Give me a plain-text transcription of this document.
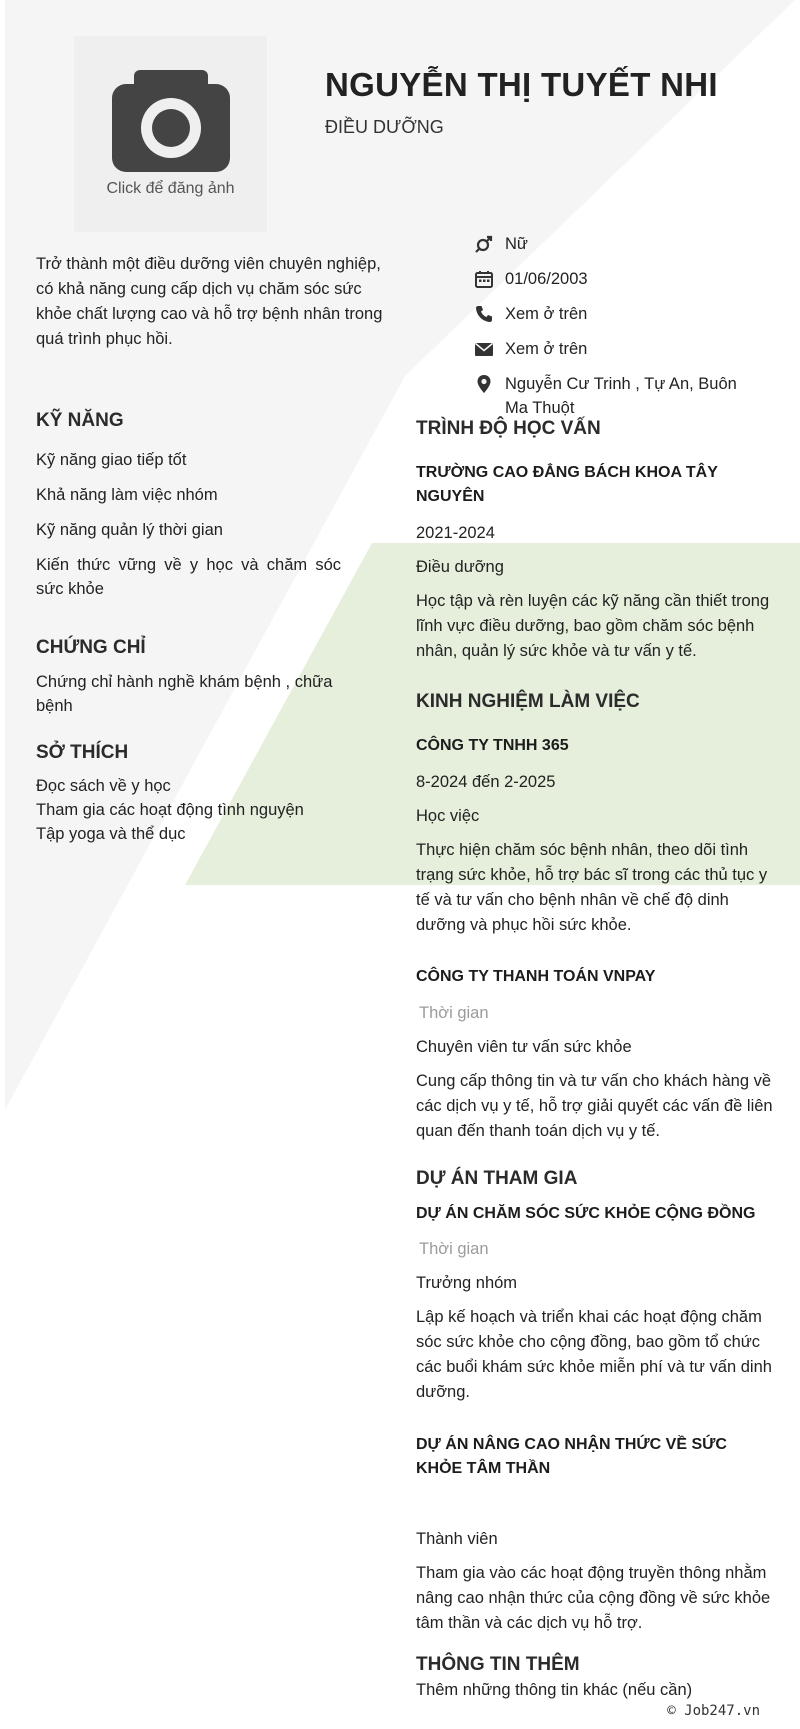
Click để đăng ảnh
NGUYỄN THỊ TUYẾT NHI
ĐIỀU DƯỠNG
Trở thành một điều dưỡng viên chuyên nghiệp, có khả năng cung cấp dịch vụ chăm sóc sức khỏe chất lượng cao và hỗ trợ bệnh nhân trong quá trình phục hồi.
Nữ
01/06/2003
Xem ở trên
Xem ở trên
Nguyễn Cư Trinh , Tự An, Buôn Ma Thuột
KỸ NĂNG
Kỹ năng giao tiếp tốt
Khả năng làm việc nhóm
Kỹ năng quản lý thời gian
Kiến thức vững về y học và chăm sóc sức khỏe
CHỨNG CHỈ
Chứng chỉ hành nghề khám bệnh , chữa bệnh
SỞ THÍCH
Đọc sách về y học
Tham gia các hoạt động tình nguyện
Tập yoga và thể dục
TRÌNH ĐỘ HỌC VẤN
TRƯỜNG CAO ĐẲNG BÁCH KHOA TÂY NGUYÊN
2021-2024
Điều dưỡng
Học tập và rèn luyện các kỹ năng cần thiết trong lĩnh vực điều dưỡng, bao gồm chăm sóc bệnh nhân, quản lý sức khỏe và tư vấn y tế.
KINH NGHIỆM LÀM VIỆC
CÔNG TY TNHH 365
8-2024 đến 2-2025
Học việc
Thực hiện chăm sóc bệnh nhân, theo dõi tình trạng sức khỏe, hỗ trợ bác sĩ trong các thủ tục y tế và tư vấn cho bệnh nhân về chế độ dinh dưỡng và phục hồi sức khỏe.
CÔNG TY THANH TOÁN VNPAY
Thời gian
Chuyên viên tư vấn sức khỏe
Cung cấp thông tin và tư vấn cho khách hàng về các dịch vụ y tế, hỗ trợ giải quyết các vấn đề liên quan đến thanh toán dịch vụ y tế.
DỰ ÁN THAM GIA
DỰ ÁN CHĂM SÓC SỨC KHỎE CỘNG ĐỒNG
Thời gian
Trưởng nhóm
Lập kế hoạch và triển khai các hoạt động chăm sóc sức khỏe cho cộng đồng, bao gồm tổ chức các buổi khám sức khỏe miễn phí và tư vấn dinh dưỡng.
DỰ ÁN NÂNG CAO NHẬN THỨC VỀ SỨC KHỎE TÂM THẦN
Thành viên
Tham gia vào các hoạt động truyền thông nhằm nâng cao nhận thức của cộng đồng về sức khỏe tâm thần và các dịch vụ hỗ trợ.
THÔNG TIN THÊM
Thêm những thông tin khác (nếu cần)
© Job247.vn
